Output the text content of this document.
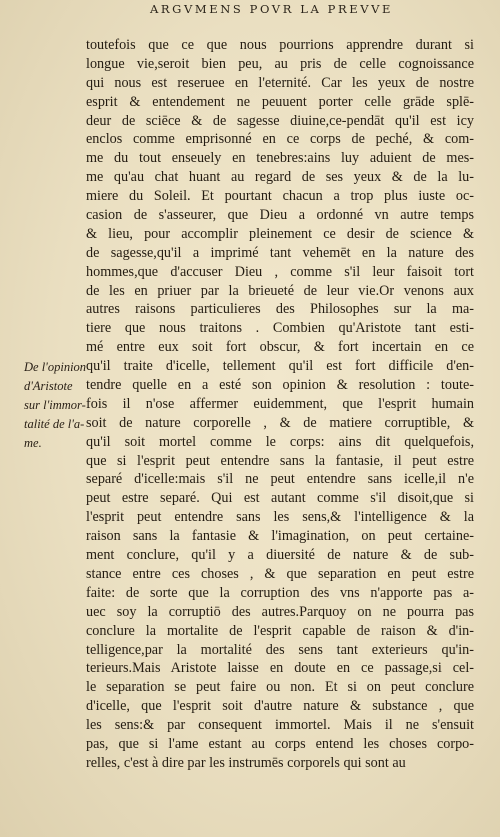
ARGVMENS POVR LA PREVVE
De l'opinion
d'Aristote
sur l'immor-
talité de l'a-
me.
toutefois que ce que nous pourrions apprendre durant si
longue vie,seroit bien peu, au pris de celle cognoissance
qui nous est reseruee en l'eternité. Car les yeux de nostre
esprit & entendement ne peuuent porter celle grāde splē-
deur de sciēce & de sagesse diuine,ce-pendāt qu'il est icy
enclos comme emprisonné en ce corps de peché, & com-
me du tout enseuely en tenebres:ains luy aduient de mes-
me qu'au chat huant au regard de ses yeux & de la lu-
miere du Soleil. Et pourtant chacun a trop plus iuste oc-
casion de s'asseurer, que Dieu a ordonné vn autre temps
& lieu, pour accomplir pleinement ce desir de science &
de sagesse,qu'il a imprimé tant vehemēt en la nature des
hommes,que d'accuser Dieu , comme s'il leur faisoit tort
de les en priuer par la brieueté de leur vie.Or venons aux
autres raisons particulieres des Philosophes sur la ma-
tiere que nous traitons . Combien qu'Aristote tant esti-
mé entre eux soit fort obscur, & fort incertain en ce
qu'il traite d'icelle, tellement qu'il est fort difficile d'en-
tendre quelle en a esté son opinion & resolution : toute-
fois il n'ose affermer euidemment, que l'esprit humain
soit de nature corporelle , & de matiere corruptible, &
qu'il soit mortel comme le corps: ains dit quelquefois,
que si l'esprit peut entendre sans la fantasie, il peut estre
separé d'icelle:mais s'il ne peut entendre sans icelle,il n'e
peut estre separé. Qui est autant comme s'il disoit,que si
l'esprit peut entendre sans les sens,& l'intelligence & la
raison sans la fantasie & l'imagination, on peut certaine-
ment conclure, qu'il y a diuersité de nature & de sub-
stance entre ces choses , & que separation en peut estre
faite: de sorte que la corruption des vns n'apporte pas a-
uec soy la corruptiō des autres.Parquoy on ne pourra pas
conclure la mortalite de l'esprit capable de raison & d'in-
telligence,par la mortalité des sens tant exterieurs qu'in-
terieurs.Mais Aristote laisse en doute en ce passage,si cel-
le separation se peut faire ou non. Et si on peut conclure
d'icelle, que l'esprit soit d'autre nature & substance , que
les sens:& par consequent immortel. Mais il ne s'ensuit
pas, que si l'ame estant au corps entend les choses corpo-
relles, c'est à dire par les instrumēs corporels qui sont au
